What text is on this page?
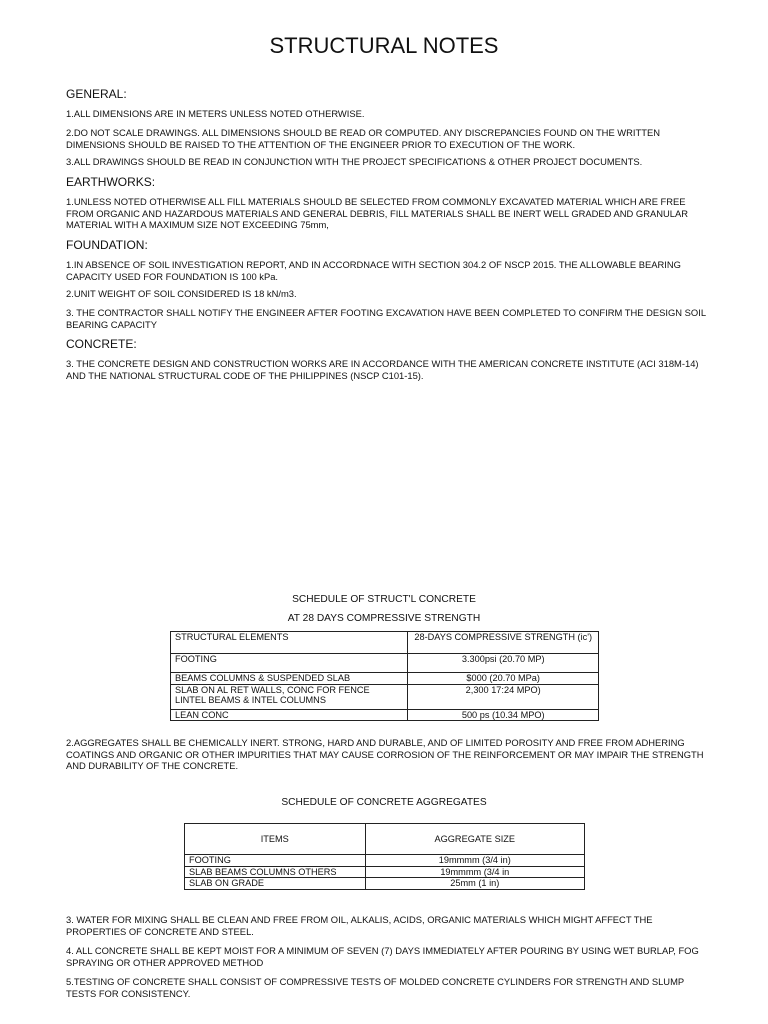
STRUCTURAL NOTES
GENERAL:
1.ALL DIMENSIONS ARE IN METERS UNLESS NOTED OTHERWISE.
2.DO NOT SCALE DRAWINGS. ALL DIMENSIONS SHOULD BE READ OR COMPUTED. ANY DISCREPANCIES FOUND ON THE WRITTEN DIMENSIONS SHOULD BE RAISED TO THE ATTENTION OF THE ENGINEER PRIOR TO EXECUTION OF THE WORK.
3.ALL DRAWINGS SHOULD BE READ IN CONJUNCTION WITH THE PROJECT SPECIFICATIONS & OTHER PROJECT DOCUMENTS.
EARTHWORKS:
1.UNLESS NOTED OTHERWISE ALL FILL MATERIALS SHOULD BE SELECTED FROM COMMONLY EXCAVATED MATERIAL WHICH ARE FREE FROM ORGANIC AND HAZARDOUS MATERIALS AND GENERAL DEBRIS, FILL MATERIALS SHALL BE INERT WELL GRADED AND GRANULAR MATERIAL WITH A MAXIMUM SIZE NOT EXCEEDING 75mm,
FOUNDATION:
1.IN ABSENCE OF SOIL INVESTIGATION REPORT, AND IN ACCORDNACE WITH SECTION 304.2 OF NSCP 2015. THE ALLOWABLE BEARING CAPACITY USED FOR FOUNDATION IS 100 kPa.
2.UNIT WEIGHT OF SOIL CONSIDERED IS 18 kN/m3.
3. THE CONTRACTOR SHALL NOTIFY THE ENGINEER AFTER FOOTING EXCAVATION HAVE BEEN COMPLETED TO CONFIRM THE DESIGN SOIL BEARING CAPACITY
CONCRETE:
3. THE CONCRETE DESIGN AND CONSTRUCTION WORKS ARE IN ACCORDANCE WITH THE AMERICAN CONCRETE INSTITUTE (ACI 318M-14) AND THE NATIONAL STRUCTURAL CODE OF THE PHILIPPINES (NSCP C101-15).
SCHEDULE OF STRUCT'L CONCRETE
AT 28 DAYS COMPRESSIVE STRENGTH
STRUCTURAL ELEMENTS	28-DAYS COMPRESSIVE STRENGTH (ic')
FOOTING	3.300psi (20.70 MP)
BEAMS COLUMNS & SUSPENDED SLAB	$000 (20.70 MPa)

SLAB ON AL RET WALLS, CONC FOR FENCE
LINTEL BEAMS & INTEL COLUMNS	2,300 17:24 MPO)
LEAN CONC	500 ps (10.34 MPO)
2.AGGREGATES SHALL BE CHEMICALLY INERT. STRONG, HARD AND DURABLE, AND OF LIMITED POROSITY AND FREE FROM ADHERING COATINGS AND ORGANIC OR OTHER IMPURITIES THAT MAY CAUSE CORROSION OF THE REINFORCEMENT OR MAY IMPAIR THE STRENGTH AND DURABILITY OF THE CONCRETE.
SCHEDULE OF CONCRETE AGGREGATES
ITEMS	AGGREGATE SIZE
FOOTING	19mmmm (3/4 in)
SLAB BEAMS COLUMNS OTHERS	19mmmm (3/4 in
SLAB ON GRADE	25mm (1 in)
3. WATER FOR MIXING SHALL BE CLEAN AND FREE FROM OIL, ALKALIS, ACIDS, ORGANIC MATERIALS WHICH MIGHT AFFECT THE PROPERTIES OF CONCRETE AND STEEL.
4. ALL CONCRETE SHALL BE KEPT MOIST FOR A MINIMUM OF SEVEN (7) DAYS IMMEDIATELY AFTER POURING BY USING WET BURLAP, FOG SPRAYING OR OTHER APPROVED METHOD
5.TESTING OF CONCRETE SHALL CONSIST OF COMPRESSIVE TESTS OF MOLDED CONCRETE CYLINDERS FOR STRENGTH AND SLUMP TESTS FOR CONSISTENCY.
